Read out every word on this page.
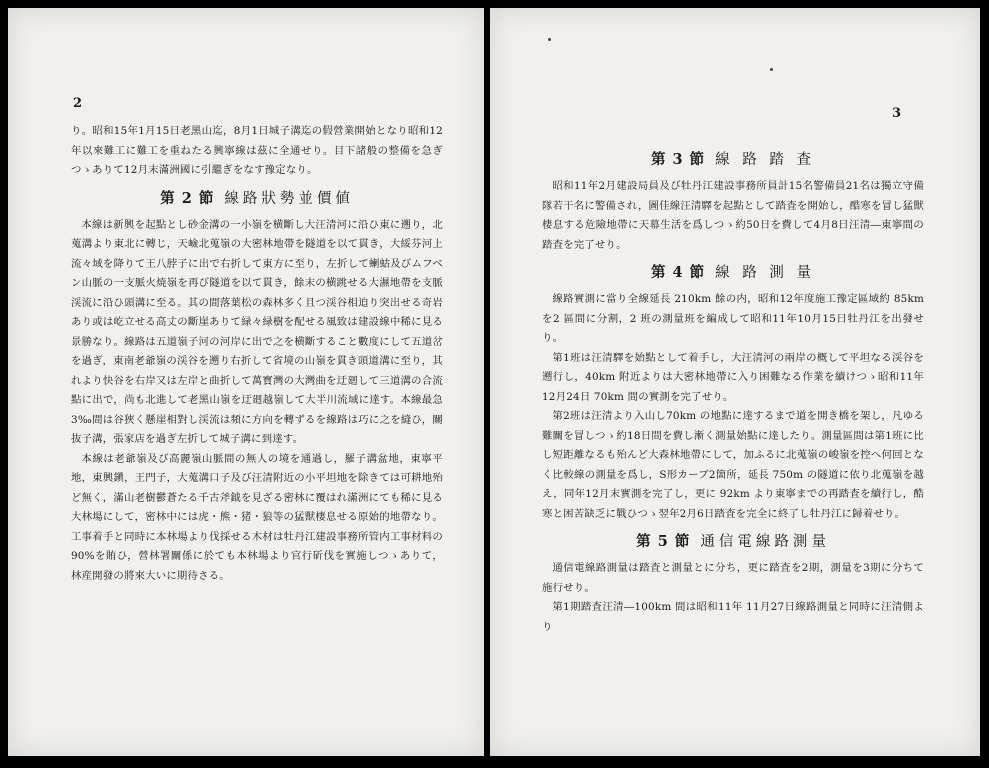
2

り。昭和15年1月15日老黑山迄，8月1日城子溝迄の假營業開始となり昭和12年以來難工に難工を重ねたる興寧線は茲に全通せり。目下諸般の整備を急ぎつゝありて12月末滿洲國に引繼ぎをなす豫定なり。

第 2 節 線路狀勢並價値

本線は新興を起點とし砂金溝の一小嶺を横斷し大汪清河に沿ひ東に遡り，北蒐溝より東北に轉じ，天嶮北蒐嶺の大密林地帶を隧道を以て貫き，大綏芬河上流々域を降りて王八脖子に出で右折して東方に至り，左折して蝲蛄及びムフベン山脈の一支脈火焼嶺を再び隧道を以て貫き，餘末の横跳せる大濕地帶を支脈渓流に沿ひ頭溝に至る。其の間落葉松の森林多く且つ渓谷相迫り突出せる奇岩あり或は屹立せる高丈の斷崖ありて緑々緑樹を配せる風致は建設線中稀に見る景勝なり。線路は五道嶺子河の河岸に出で之を横斷すること數度にして五道岔を過ぎ，東南老爺嶺の渓谷を遡り右折して省境の山嶺を貫き頭道溝に至り，其れより快谷を右岸又は左岸と曲折して萬寳灣の大灣曲を迂廻して三道溝の合流點に出で，尚も北進して老黑山嶺を迂廻越嶺して大半川流域に達す。本線最急3‰間は谷狹く懸崖相對し渓流は頻に方向を轉ずるを線路は巧に之を縫ひ，關抜子溝，張家店を過ぎ左折して城子溝に到達す。

本線は老爺嶺及び高麗嶺山脈間の無人の境を通過し，羅子溝盆地，東寧平地，東興鎭，王門子，大蒐溝口子及び汪清附近の小平坦地を除きては可耕地殆ど無く，滿山老樹鬱蒼たる千古斧鉞を見ざる密林に覆はれ滿洲にても稀に見る大林場にして，密林中には虎・熊・猪・狼等の猛獸棲息せる原始的地帶なり。工事着手と同時に本林場より伐採せる木材は牡丹江建設事務所管内工事材料の90%を賄ひ，營林署關係に於ても本林場より官行斫伐を實施しつゝありて，林産開發の將來大いに期待さる。

3
第 3 節 線 路 踏 査

昭和11年2月建設局員及び牡丹江建設事務所員計15名警備員21名は獨立守備隊若干名に警備され，圖佳線汪清驛を起點として踏査を開始し，酷寒を冒し猛獸棲息する危險地帶に天幕生活を爲しつゝ約50日を費して4月8日汪清―東寧間の踏査を完了せり。

第 4 節 線 路 測 量

線路實測に當り全線延長 210km 餘の内，昭和12年度施工豫定區域約 85km を2 區間に分割，2 班の測量班を編成して昭和11年10月15日牡丹江を出發せり。

第1班は汪清驛を始點として着手し，大汪清河の兩岸の概して平坦なる渓谷を遡行し，40km 附近よりは大密林地帶に入り困難なる作業を續けつゝ昭和11年12月24日 70km 間の實測を完了せり。

第2班は汪清より入山し70km の地點に達するまで道を開き橋を架し，凡ゆる難關を冒しつゝ約18日間を費し漸く測量始點に達したり。測量區間は第1班に比し短距離なるも殆んど大森林地帶にして，加ふるに北蒐嶺の峻嶺を控へ何回となく比較線の測量を爲し，S形カーブ2箇所，延長 750m の隧道に依り北蒐嶺を越え，同年12月末實測を完了し，更に 92km より東寧までの再踏査を續行し，酷寒と困苦缺乏に戰ひつゝ翌年2月6日踏査を完全に終了し牡丹江に歸着せり。

第 5 節 通信電線路測量

通信電線路測量は踏査と測量とに分ち，更に踏査を2期，測量を3期に分ちて施行せり。

第1期踏査汪清―100km 間は昭和11年 11月27日線路測量と同時に汪清側より
